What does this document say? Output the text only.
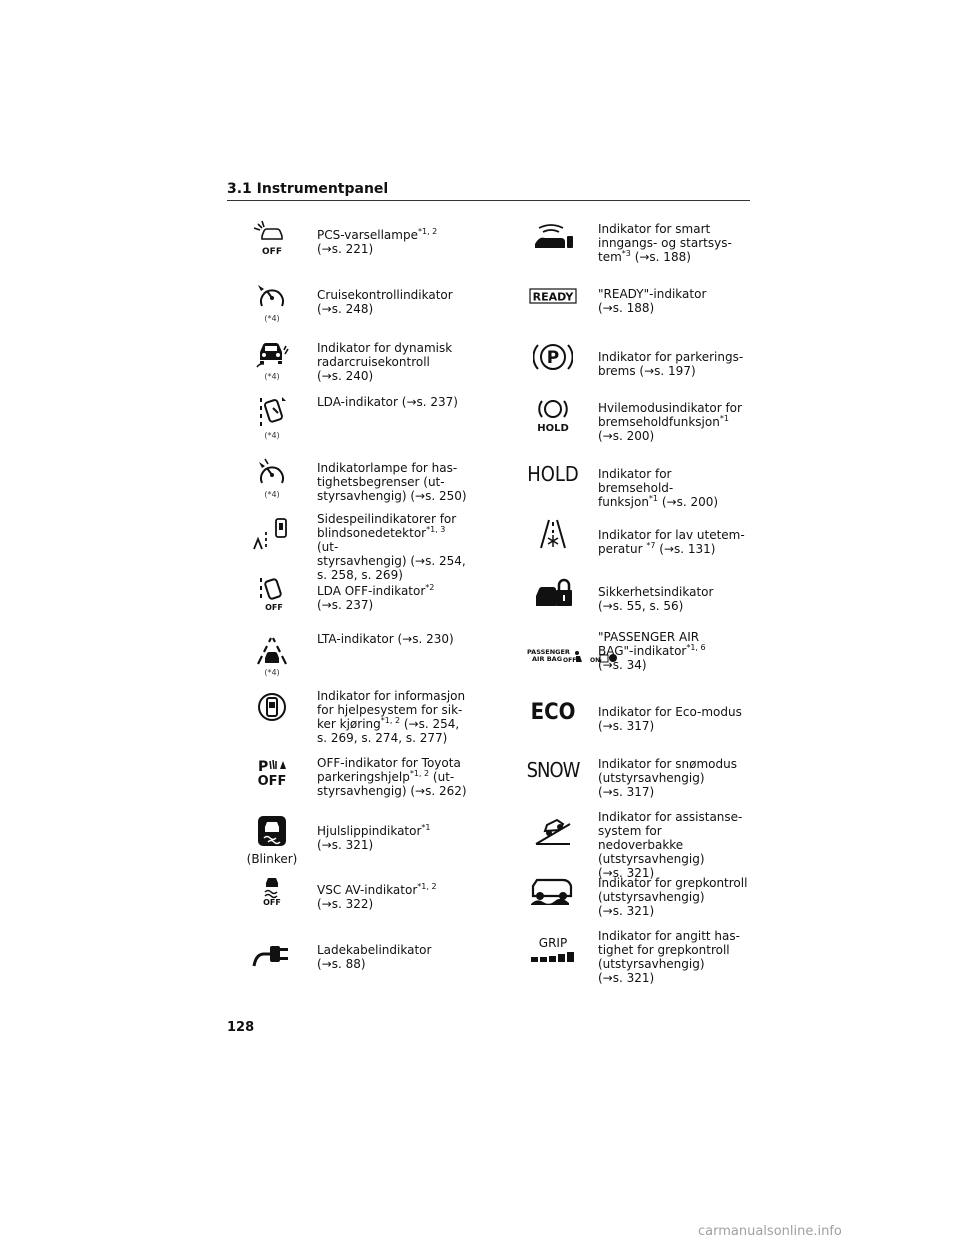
3.1 Instrumentpanel
OFF
PCS-varsellampe$^{*1, 2}$
(→s. 221)
(*4)
Cruisekontrollindikator
(→s. 248)
(*4)
Indikator for dynamisk
radarcruisekontroll
(→s. 240)
(*4)
LDA-indikator (→s. 237)
(*4)
Indikatorlampe for has-
tighetsbegrenser (ut-
styrsavhengig) (→s. 250)
Sidespeilindikatorer for
blindsonedetektor$^{*1, 3}$ (ut-
styrsavhengig) (→s. 254,
s. 258, s. 269)
OFF
LDA OFF-indikator$^{*2}$
(→s. 237)
(*4)
LTA-indikator (→s. 230)
Indikator for informasjon
for hjelpesystem for sik-
ker kjøring$^{*1, 2}$ (→s. 254,
s. 269, s. 274, s. 277)
P
OFF
OFF-indikator for Toyota
parkeringshjelp$^{*1, 2}$ (ut-
styrsavhengig) (→s. 262)
(Blinker)
Hjulslippindikator$^{*1}$
(→s. 321)
OFF
VSC AV-indikator$^{*1, 2}$
(→s. 322)
Ladekabelindikator
(→s. 88)
Indikator for smart
inngangs- og startsys-
tem$^{*3}$ (→s. 188)
READY "READY"-indikator
(→s. 188)
P	Indikator for parkerings-
brems (→s. 197)
HOLD
Hvilemodusindikator for
bremseholdfunksjon$^{*1}$
(→s. 200)
HOLD Indikator for bremsehold-
funksjon$^{*1}$ (→s. 200)
Indikator for lav utetem-
peratur $^{*7}$ (→s. 131)
Sikkerhetsindikator
(→s. 55, s. 56)
PASSENGER
AIR BAG OFF ON
"PASSENGER AIR
BAG"-indikator$^{*1, 6}$
(→s. 34)
ECO Indikator for Eco-modus
(→s. 317)
SNOW Indikator for snømodus
(utstyrsavhengig)
(→s. 317)
Indikator for assistanse-
system for nedoverbakke
(utstyrsavhengig)
(→s. 321)
Indikator for grepkontroll
(utstyrsavhengig)
(→s. 321)
GRIP	Indikator for angitt has-
tighet for grepkontroll
(utstyrsavhengig)
(→s. 321)
128
carmanualsonline.info
